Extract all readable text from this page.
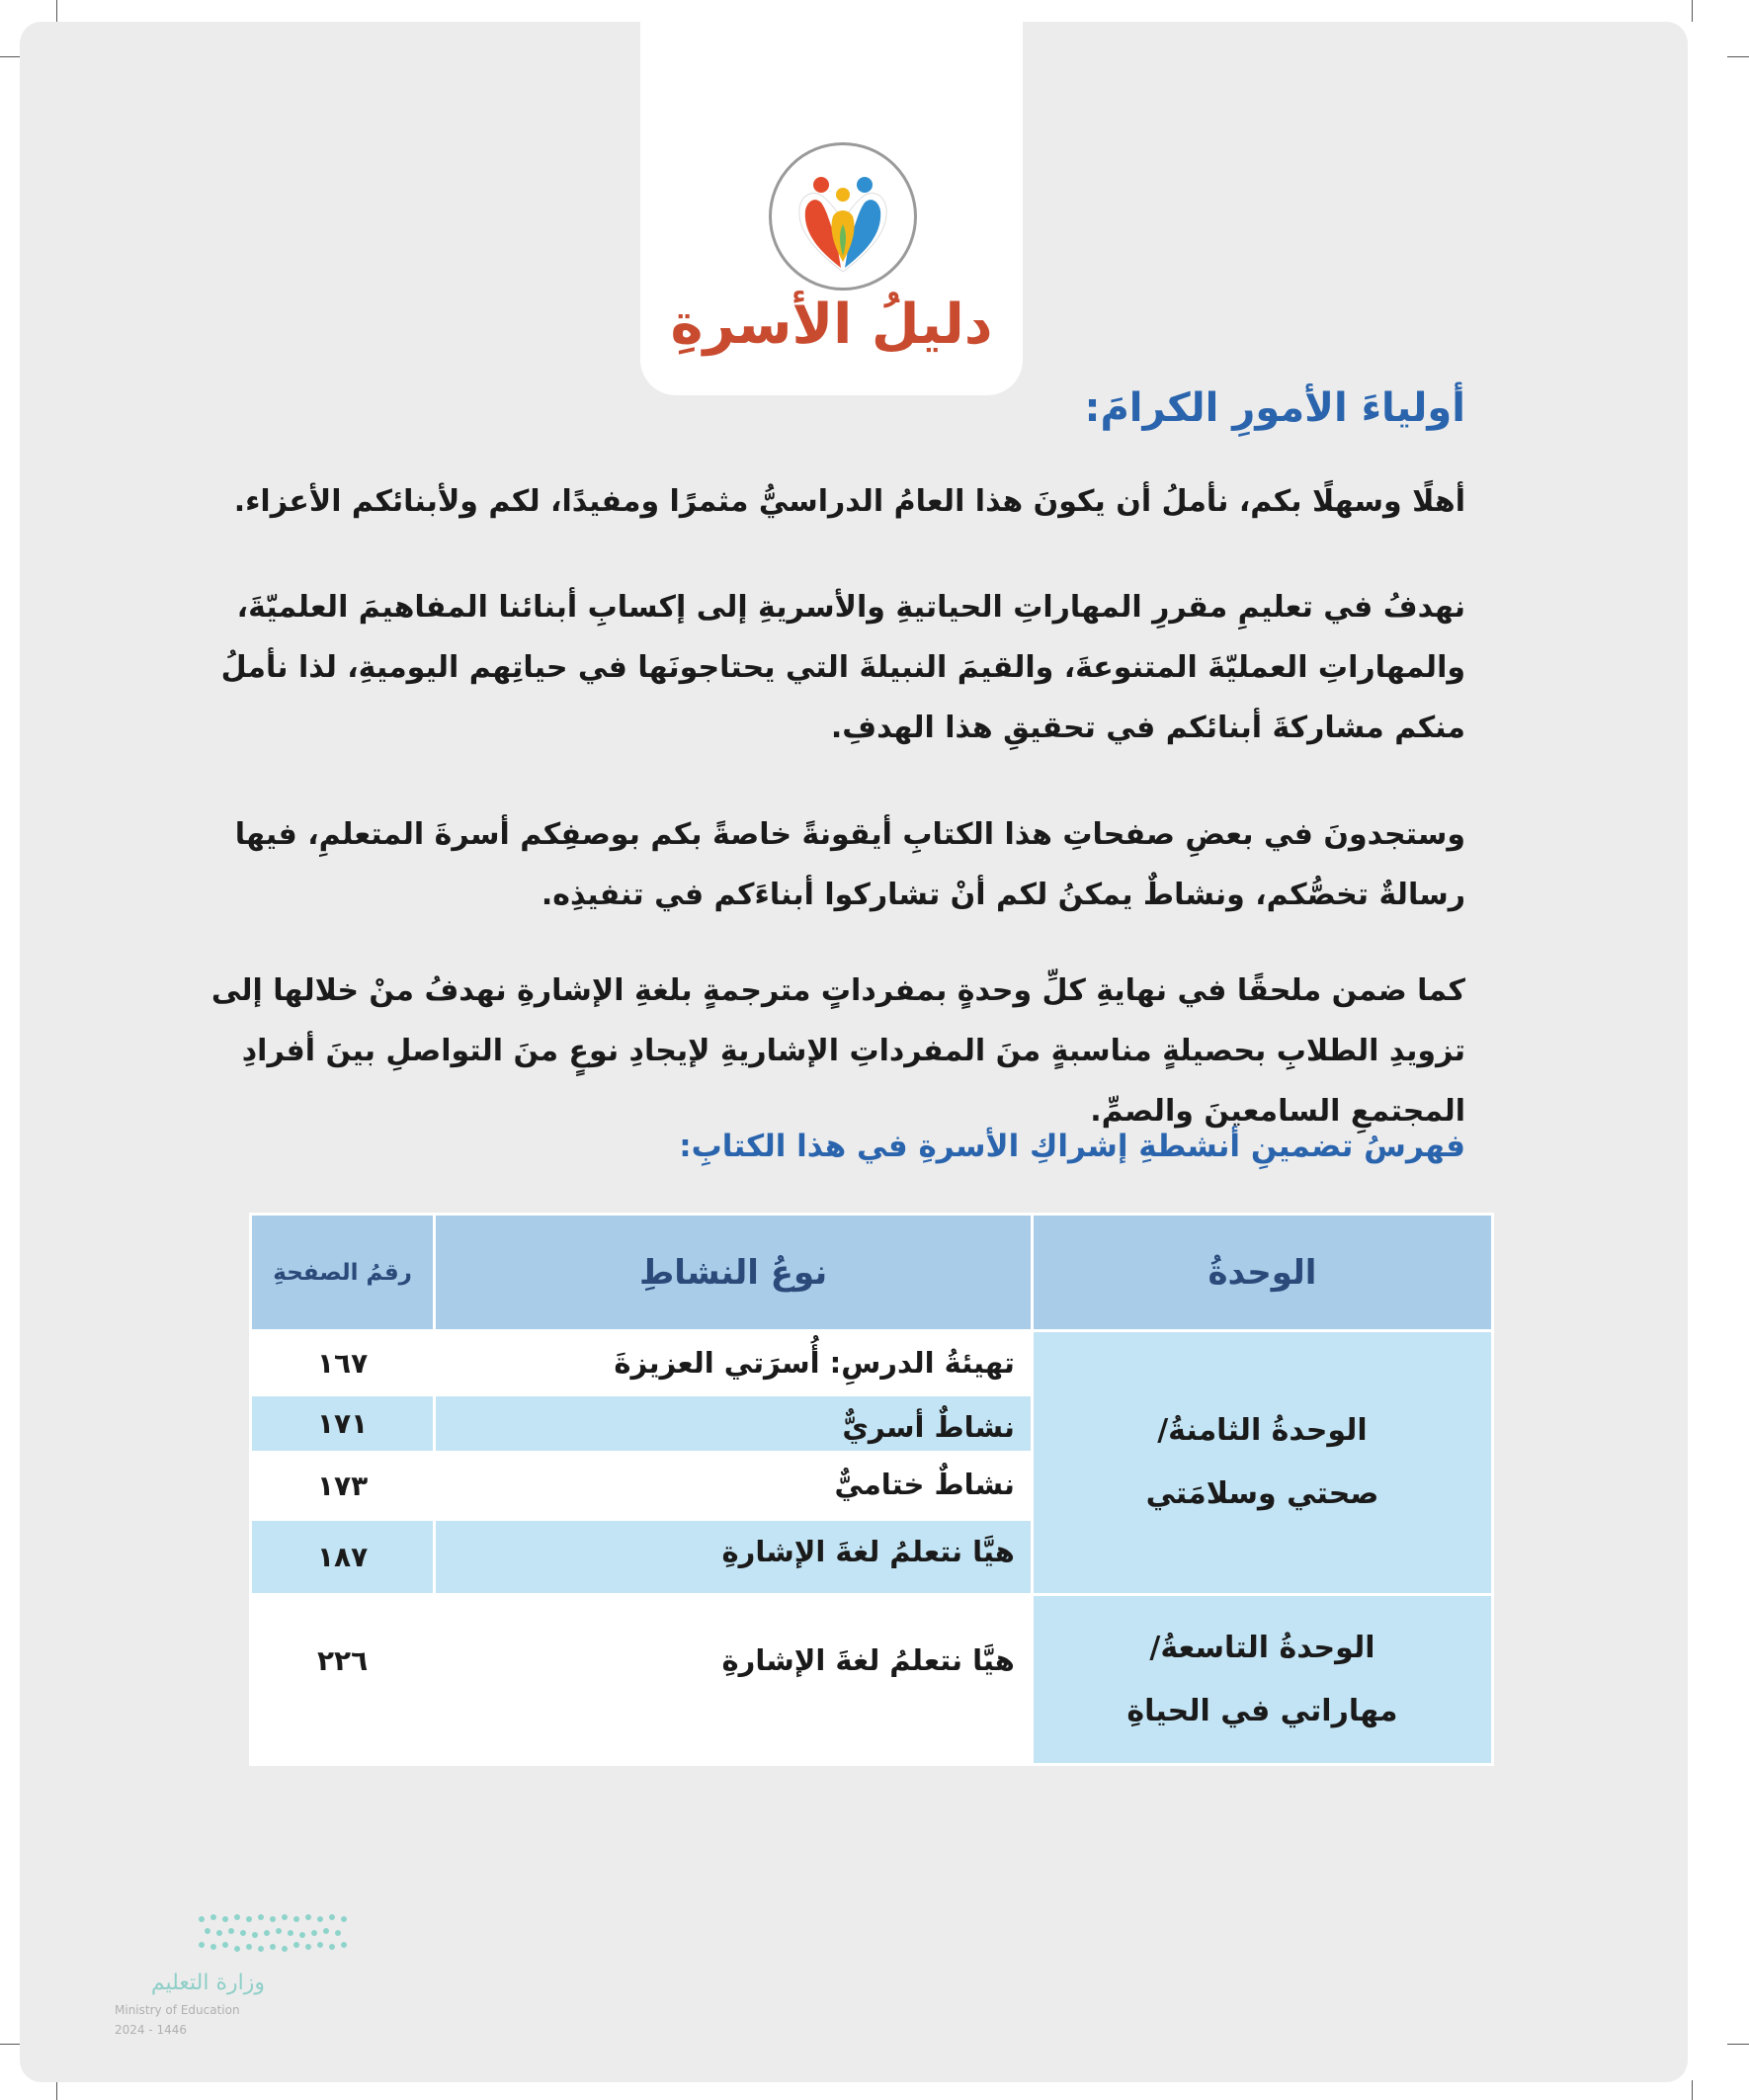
دليلُ الأسرةِ
أولياءَ الأمورِ الكرامَ:
أهلًا وسهلًا بكم، نأملُ أن يكونَ هذا العامُ الدراسيُّ مثمرًا ومفيدًا، لكم ولأبنائكم الأعزاء.
نهدفُ في تعليمِ مقررِ المهاراتِ الحياتيةِ والأسريةِ إلى إكسابِ أبنائنا المفاهيمَ العلميّةَ، والمهاراتِ العمليّةَ المتنوعةَ، والقيمَ النبيلةَ التي يحتاجونَها في حياتِهم اليوميةِ، لذا نأملُ منكم مشاركةَ أبنائكم في تحقيقِ هذا الهدفِ.
وستجدونَ في بعضِ صفحاتِ هذا الكتابِ أيقونةً خاصةً بكم بوصفِكم أسرةَ المتعلمِ، فيها رسالةٌ تخصُّكم، ونشاطٌ يمكنُ لكم أنْ تشاركوا أبناءَكم في تنفيذِه.
كما ضمن ملحقًا في نهايةِ كلِّ وحدةٍ بمفرداتٍ مترجمةٍ بلغةِ الإشارةِ نهدفُ منْ خلالها إلى تزويدِ الطلابِ بحصيلةٍ مناسبةٍ منَ المفرداتِ الإشاريةِ لإيجادِ نوعٍ منَ التواصلِ بينَ أفرادِ المجتمعِ السامعينَ والصمِّ.
فهرسُ تضمينِ أنشطةِ إشراكِ الأسرةِ في هذا الكتابِ:
الوحدةُ	نوعُ النشاطِ	رقمُ الصفحةِ

الوحدةُ الثامنةُ/
صحتي وسلامَتي	تهيئةُ الدرسِ: أُسرَتي العزيزةَ	١٦٧
	نشاطٌ أسريٌّ	١٧١
	نشاطٌ ختاميٌّ	١٧٣
	هيَّا نتعلمُ لغةَ الإشارةِ	١٨٧

الوحدةُ التاسعةُ/
مهاراتي في الحياةِ	هيَّا نتعلمُ لغةَ الإشارةِ	٢٢٦
وزارة التعليم
Ministry of Education
2024 - 1446
